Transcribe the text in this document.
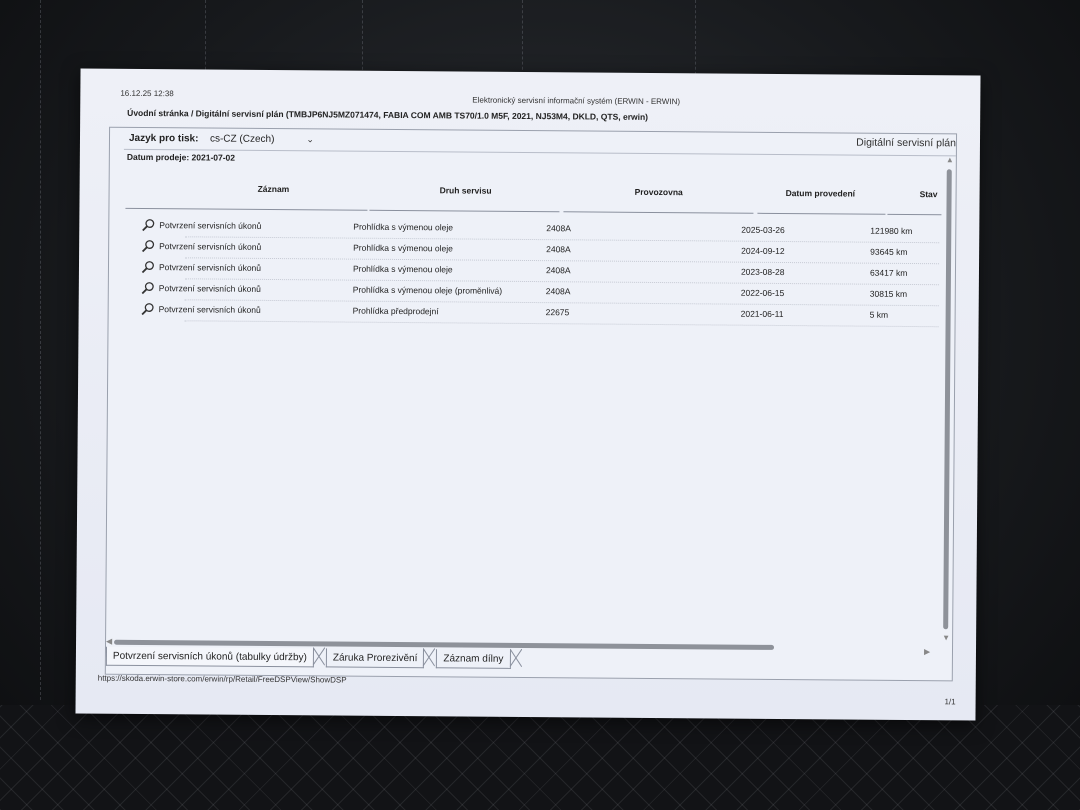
16.12.25 12:38
Elektronický servisní informační systém (ERWIN - ERWIN)
Úvodní stránka / Digitální servisní plán (TMBJP6NJ5MZ071474, FABIA COM AMB TS70/1.0 M5F, 2021, NJ53M4, DKLD, QTS, erwin)
Jazyk pro tisk: cs-CZ (Czech)	⌄	Digitální servisní plán
Datum prodeje: 2021-07-02
Záznam	Druh servisu	Provozovna	Datum provedení	Stav
Potvrzení servisních úkonů	Prohlídka s výmenou oleje	2408A	2025-03-26	121980 km
Potvrzení servisních úkonů	Prohlídka s výmenou oleje	2408A	2024-09-12	93645 km
Potvrzení servisních úkonů	Prohlídka s výmenou oleje	2408A	2023-08-28	63417 km
Potvrzení servisních úkonů	Prohlídka s výmenou oleje (proměnlivá)	2408A	2022-06-15	30815 km
Potvrzení servisních úkonů	Prohlídka předprodejní	22675	2021-06-11	5 km
▲
▼
◀
▶
Potvrzení servisních úkonů (tabulky údržby)	Záruka Prorezivění	Záznam dílny
https://skoda.erwin-store.com/erwin/rp/Retail/FreeDSPView/ShowDSP
1/1
